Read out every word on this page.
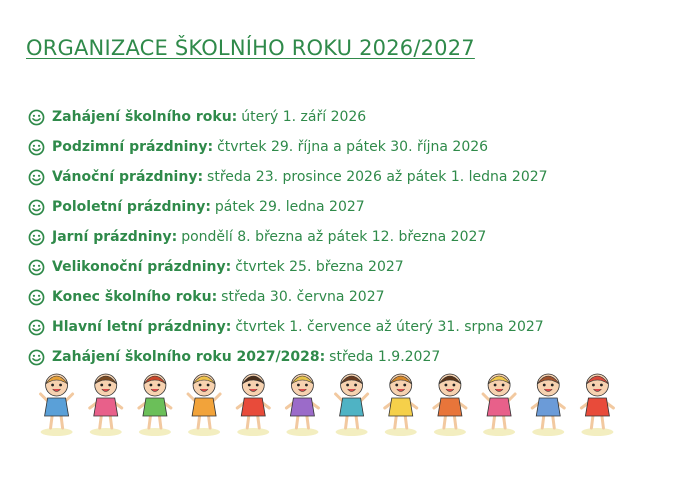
ORGANIZACE ŠKOLNÍHO ROKU 2026/2027
Zahájení školního roku: úterý 1. září 2026
Podzimní prázdniny: čtvrtek 29. října a pátek 30. října 2026
Vánoční prázdniny: středa 23. prosince 2026 až pátek 1. ledna 2027
Pololetní prázdniny: pátek 29. ledna 2027
Jarní prázdniny: pondělí 8. března až pátek 12. března 2027
Velikonoční prázdniny: čtvrtek 25. března 2027
Konec školního roku: středa 30. června 2027
Hlavní letní prázdniny: čtvrtek 1. července až úterý 31. srpna 2027
Zahájení školního roku 2027/2028: středa 1.9.2027
